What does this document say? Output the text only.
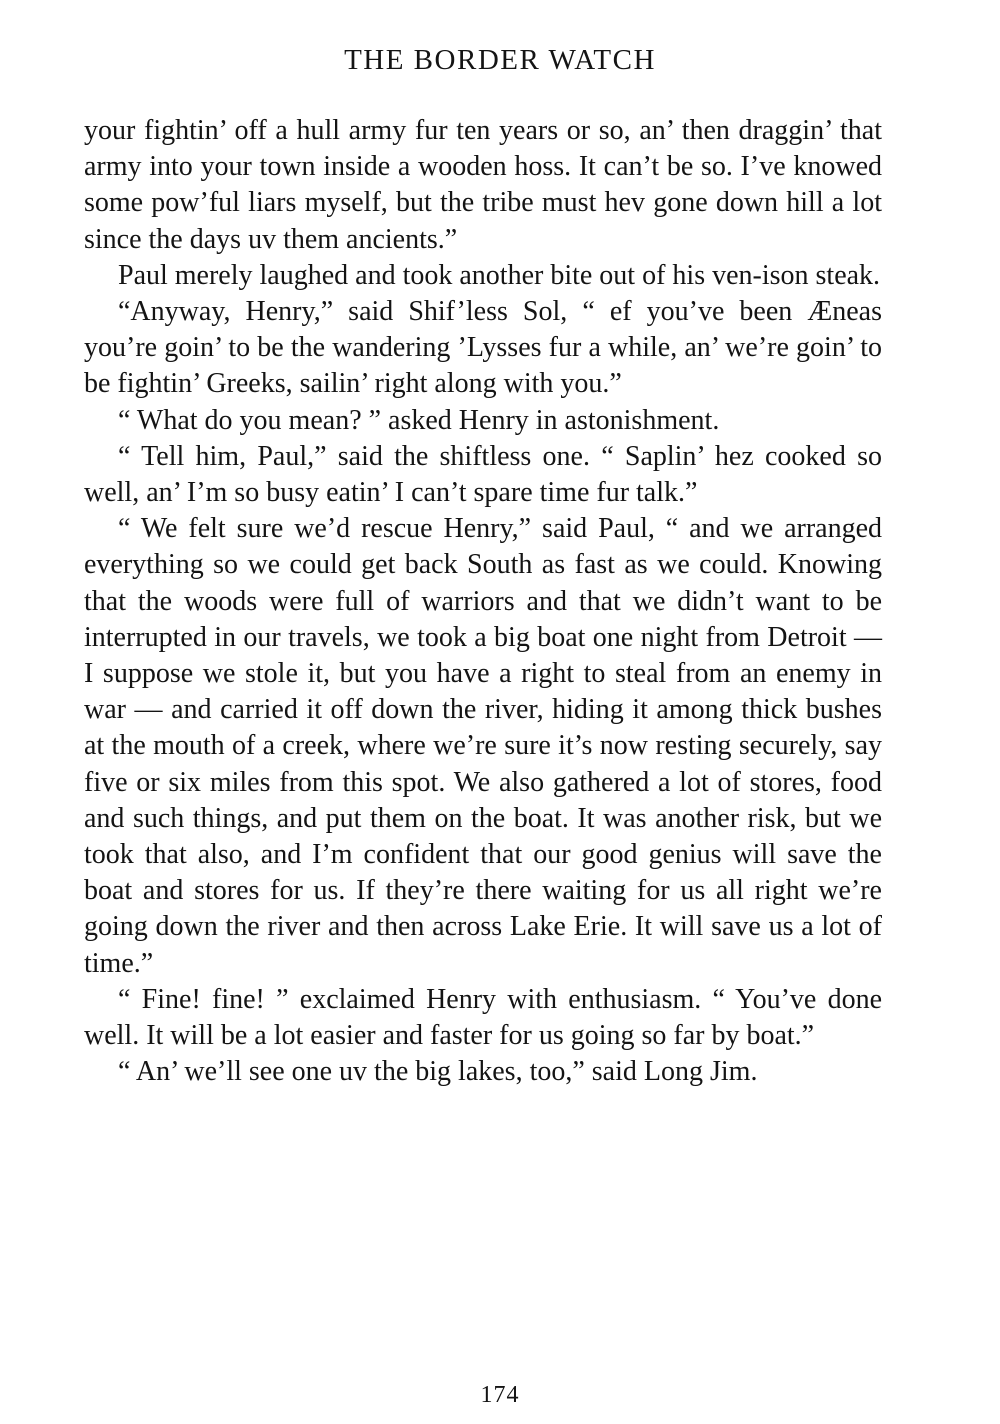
THE BORDER WATCH

your fightin’ off a hull army fur ten years or so, an’ then draggin’ that army into your town inside a wooden hoss. It can’t be so. I’ve knowed some pow’ful liars myself, but the tribe must hev gone down hill a lot since the days uv them ancients.”

Paul merely laughed and took another bite out of his ven-ison steak.

“Anyway, Henry,” said Shif’less Sol, “ ef you’ve been Æneas you’re goin’ to be the wandering ’Lysses fur a while, an’ we’re goin’ to be fightin’ Greeks, sailin’ right along with you.”

“ What do you mean? ” asked Henry in astonishment.

“ Tell him, Paul,” said the shiftless one. “ Saplin’ hez cooked so well, an’ I’m so busy eatin’ I can’t spare time fur talk.”

“ We felt sure we’d rescue Henry,” said Paul, “ and we arranged everything so we could get back South as fast as we could. Knowing that the woods were full of warriors and that we didn’t want to be interrupted in our travels, we took a big boat one night from Detroit — I suppose we stole it, but you have a right to steal from an enemy in war — and carried it off down the river, hiding it among thick bushes at the mouth of a creek, where we’re sure it’s now resting securely, say five or six miles from this spot. We also gathered a lot of stores, food and such things, and put them on the boat. It was another risk, but we took that also, and I’m confident that our good genius will save the boat and stores for us. If they’re there waiting for us all right we’re going down the river and then across Lake Erie. It will save us a lot of time.”

“ Fine! fine! ” exclaimed Henry with enthusiasm. “ You’ve done well. It will be a lot easier and faster for us going so far by boat.”

“ An’ we’ll see one uv the big lakes, too,” said Long Jim.

174
